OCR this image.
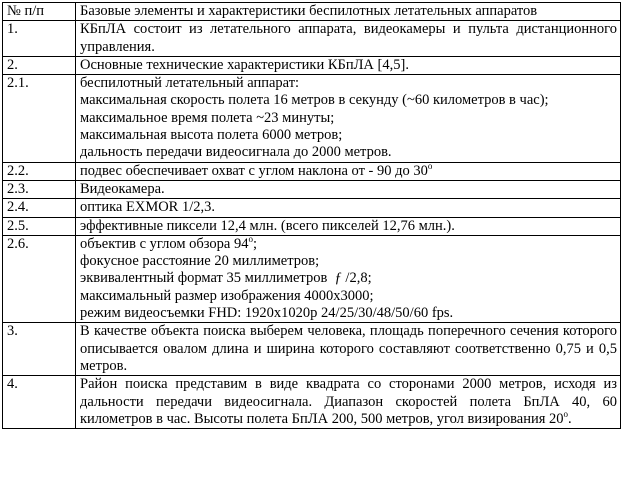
№ п/п	Базовые элементы и характеристики беспилотных летательных аппаратов
1.	КБпЛА состоит из летательного аппарата, видеокамеры и пульта дистанционного управления.
2.	Основные технические характеристики КБпЛА [4,5].
2.1.	беспилотный летательный аппарат:
максимальная скорость полета 16 метров в секунду (~60 километров в час);
максимальное время полета ~23 минуты;
максимальная высота полета 6000 метров;
дальность передачи видеосигнала до 2000 метров.

2.2.	подвес обеспечивает охват с углом наклона от - 90 до $30^о$
2.3.	Видеокамера.
2.4.	оптика EXMOR 1/2,3.
2.5.	эффективные пиксели 12,4 млн. (всего пикселей 12,76 млн.).
2.6.	объектив с углом обзора $94^о$;
фокусное расстояние 20 миллиметров;
эквивалентный формат 35 миллиметров ƒ /2,8;
максимальный размер изображения 4000x3000;
режим видеосъемки FHD: 1920x1020p 24/25/30/48/50/60 fps.

3.	В качестве объекта поиска выберем человека, площадь поперечного сечения которого описывается овалом длина и ширина которого составляют соответственно 0,75 и 0,5 метров.
4.	Район поиска представим в виде квадрата со сторонами 2000 метров, исходя из дальности передачи видеосигнала. Диапазон скоростей полета БпЛА 40, 60 километров в час. Высоты полета БпЛА 200, 500 метров, угол визирования $20^о$.
